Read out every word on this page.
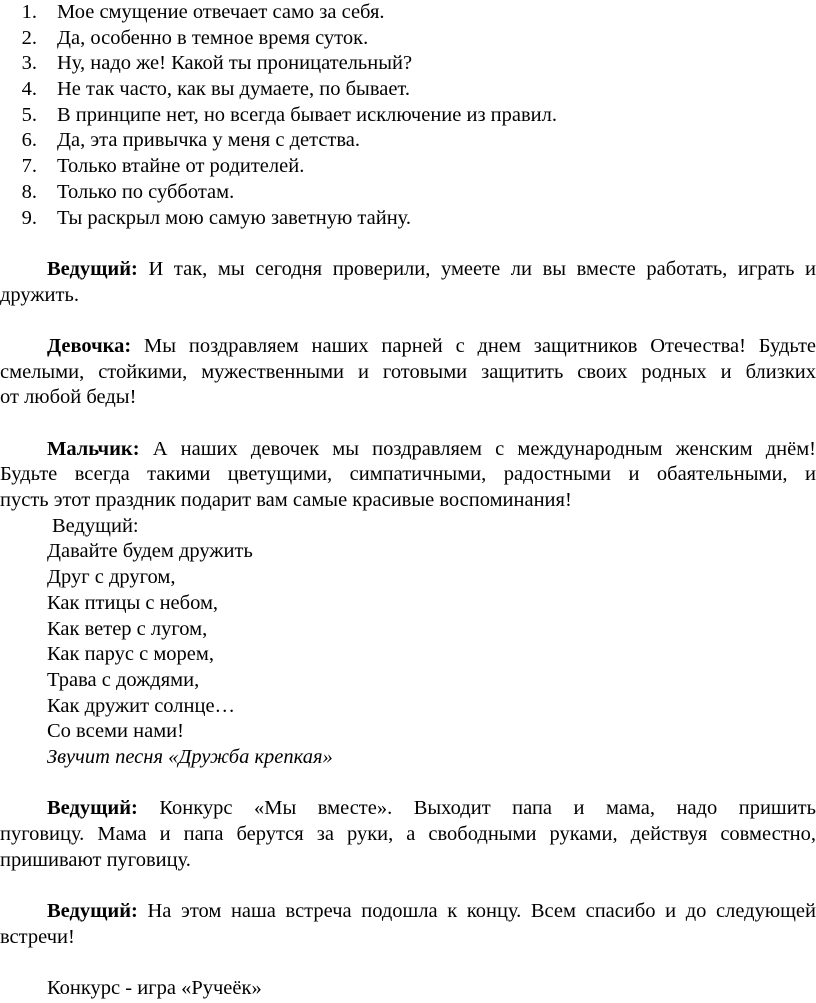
1. Мое смущение отвечает само за себя.
2. Да, особенно в темное время суток.
3. Ну, надо же! Какой ты проницательный?
4. Не так часто, как вы думаете, по бывает.
5. В принципе нет, но всегда бывает исключение из правил.
6. Да, эта привычка у меня с детства.
7. Только втайне от родителей.
8. Только по субботам.
9. Ты раскрыл мою самую заветную тайну.
Ведущий: И так, мы сегодня проверили, умеете ли вы вместе работать, играть и
дружить.
Девочка: Мы поздравляем наших парней с днем защитников Отечества! Будьте
смелыми, стойкими, мужественными и готовыми защитить своих родных и близких
от любой беды!
Мальчик: А наших девочек мы поздравляем с международным женским днём!
Будьте всегда такими цветущими, симпатичными, радостными и обаятельными, и
пусть этот праздник подарит вам самые красивые воспоминания!
Ведущий:
Давайте будем дружить
Друг с другом,
Как птицы с небом,
Как ветер с лугом,
Как парус с морем,
Трава с дождями,
Как дружит солнце…
Со всеми нами!
Звучит песня «Дружба крепкая»
Ведущий: Конкурс «Мы вместе». Выходит папа и мама, надо пришить
пуговицу. Мама и папа берутся за руки, а свободными руками, действуя совместно,
пришивают пуговицу.
Ведущий: На этом наша встреча подошла к концу. Всем спасибо и до следующей
встречи!
Конкурс - игра «Ручеёк»
